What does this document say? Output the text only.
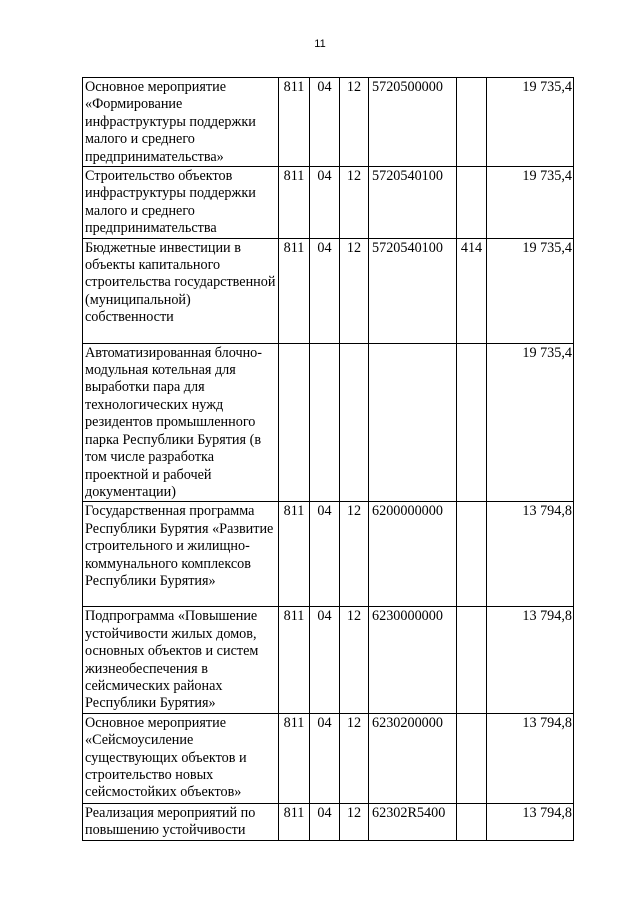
11
Основное мероприятие «Формирование инфраструктуры поддержки малого и среднего предпринимательства»	811	04	12	5720500000		19 735,4
Строительство объектов инфраструктуры поддержки малого и среднего предпринимательства	811	04	12	5720540100		19 735,4
Бюджетные инвестиции в объекты капитального строительства государственной (муниципальной) собственности	811	04	12	5720540100	414	19 735,4
Автоматизированная блочно-модульная котельная для выработки пара для технологических нужд резидентов промышленного парка Республики Бурятия (в том числе разработка проектной и рабочей документации)						19 735,4
Государственная программа Республики Бурятия «Развитие строительного и жилищно-коммунального комплексов Республики Бурятия»	811	04	12	6200000000		13 794,8
Подпрограмма «Повышение устойчивости жилых домов, основных объектов и систем жизнеобеспечения в сейсмических районах Республики Бурятия»	811	04	12	6230000000		13 794,8
Основное мероприятие «Сейсмоусиление существующих объектов и строительство новых сейсмостойких объектов»	811	04	12	6230200000		13 794,8
Реализация мероприятий по повышению устойчивости	811	04	12	62302R5400		13 794,8
